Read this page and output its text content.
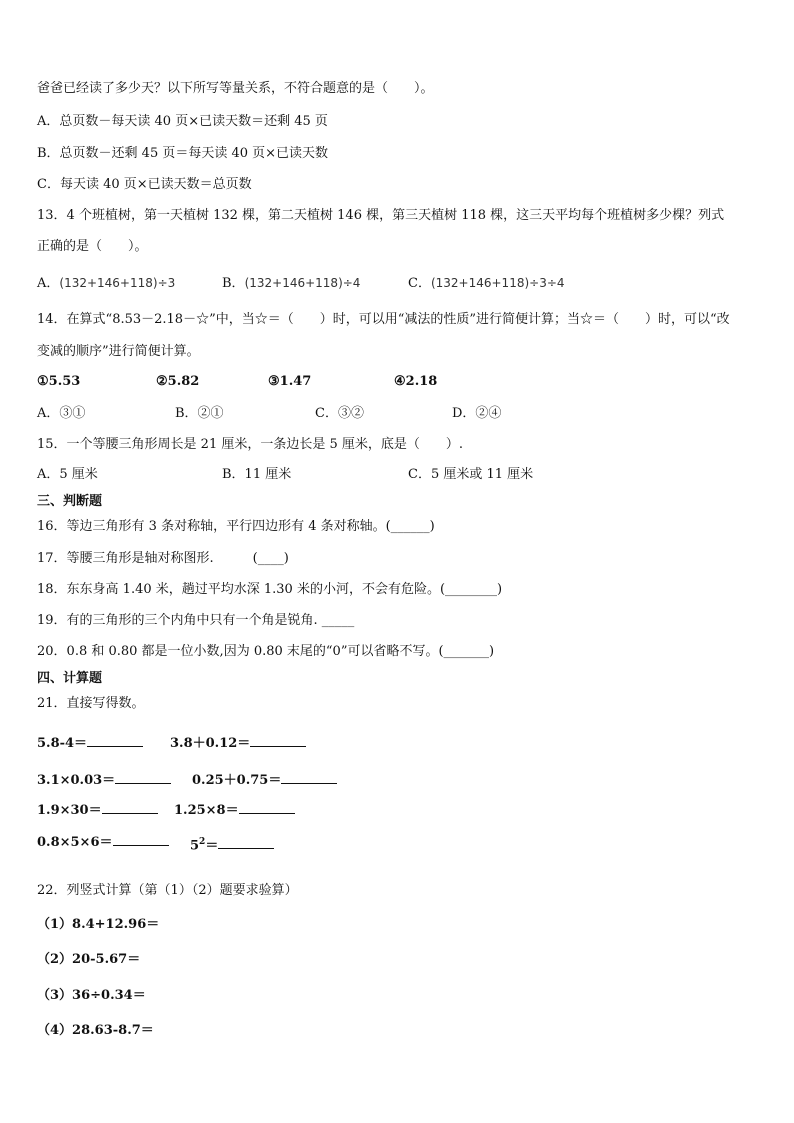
爸爸已经读了多少天？以下所写等量关系，不符合题意的是（　　）。
A．总页数－每天读 40 页×已读天数＝还剩 45 页
B．总页数－还剩 45 页＝每天读 40 页×已读天数
C．每天读 40 页×已读天数＝总页数
13．4 个班植树，第一天植树 132 棵，第二天植树 146 棵，第三天植树 118 棵，这三天平均每个班植树多少棵？列式
正确的是（　　）。
A．(132+146+118)÷3	B．(132+146+118)÷4	C．(132+146+118)÷3÷4
14．在算式“8.53－2.18－☆”中，当☆＝（　　）时，可以用“减法的性质”进行简便计算；当☆＝（　　）时，可以“改
变减的顺序”进行简便计算。
①5.53	②5.82	③1.47	④2.18
A．③①	B．②①	C．③②	D．②④
15．一个等腰三角形周长是 21 厘米，一条边长是 5 厘米，底是（　　）.
A．5 厘米	B．11 厘米	C．5 厘米或 11 厘米
三、判断题
16．等边三角形有 3 条对称轴，平行四边形有 4 条对称轴。(______)
17．等腰三角形是轴对称图形.　　　(____)
18．东东身高 1.40 米，趟过平均水深 1.30 米的小河，不会有危险。(________)
19．有的三角形的三个内角中只有一个角是锐角. _____
20．0.8 和 0.80 都是一位小数,因为 0.80 末尾的“0”可以省略不写。(_______)
四、计算题
21．直接写得数。
5.8-4＝	3.8＋0.12＝
3.1×0.03＝	0.25＋0.75＝
1.9×30＝	1.25×8＝
0.8×5×6＝	$5^2=$
22．列竖式计算（第（1）（2）题要求验算）
（1）8.4+12.96＝
（2）20-5.67＝
（3）36÷0.34＝
（4）28.63-8.7＝
